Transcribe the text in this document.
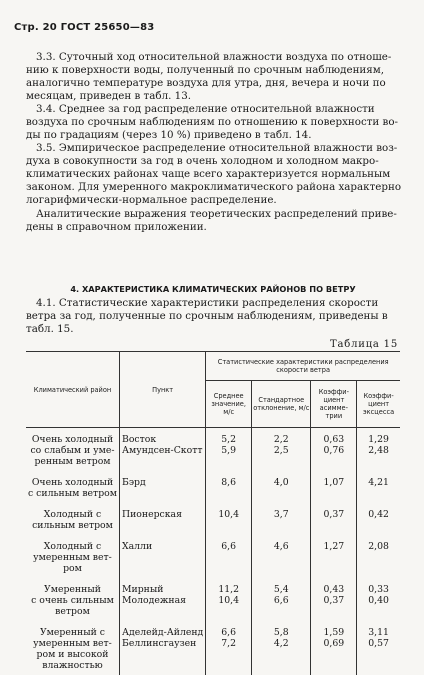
Стр. 20 ГОСТ 25650—83

3.3. Суточный ход относительной влажности воздуха по отноше-
нию к поверхности воды, полученный по срочным наблюдениям,
аналогично температуре воздуха для утра, дня, вечера и ночи по
месяцам, приведен в табл. 13.

3.4. Среднее за год распределение относительной влажности
воздуха по срочным наблюдениям по отношению к поверхности во-
ды по градациям (через 10 %) приведено в табл. 14.

3.5. Эмпирическое распределение относительной влажности воз-
духа в совокупности за год в очень холодном и холодном макро-
климатических районах чаще всего характеризуется нормальным
законом. Для умеренного макроклиматического района характерно
логарифмически-нормальное распределение.

Аналитические выражения теоретических распределений приве-
дены в справочном приложении.

4. ХАРАКТЕРИСТИКА КЛИМАТИЧЕСКИХ РАЙОНОВ ПО ВЕТРУ

4.1. Статистические характеристики распределения скорости
ветра за год, полученные по срочным наблюдениям, приведены в
табл. 15.

Таблица 15
Климатический район	Пункт	Статистические характеристики распределения скорости ветра			
		Среднее значение, м/с	Стандартное отклонение, м/с	Коэффи-циент асимме-трии	Коэффи-циент эксцесса

Очень холодный
со слабым и уме-
ренным ветром	Восток
Амундсен-Скотт	5,2
5,9	2,2
2,5	0,63
0,76	1,29
2,48

Очень холодный
с сильным ветром	Бэрд	8,6	4,0	1,07	4,21

Холодный с
сильным ветром	Пионерская	10,4	3,7	0,37	0,42

Холодный с
умеренным вет-
ром	Халли	6,6	4,6	1,27	2,08

Умеренный
с очень сильным
ветром	Мирный
Молодежная	11,2
10,4	5,4
6,6	0,43
0,37	0,33
0,40

Умеренный с
умеренным вет-
ром и высокой
влажностью	Аделейд-Айленд
Беллинсгаузен	6,6
7,2	5,8
4,2	1,59
0,69	3,11
0,57
